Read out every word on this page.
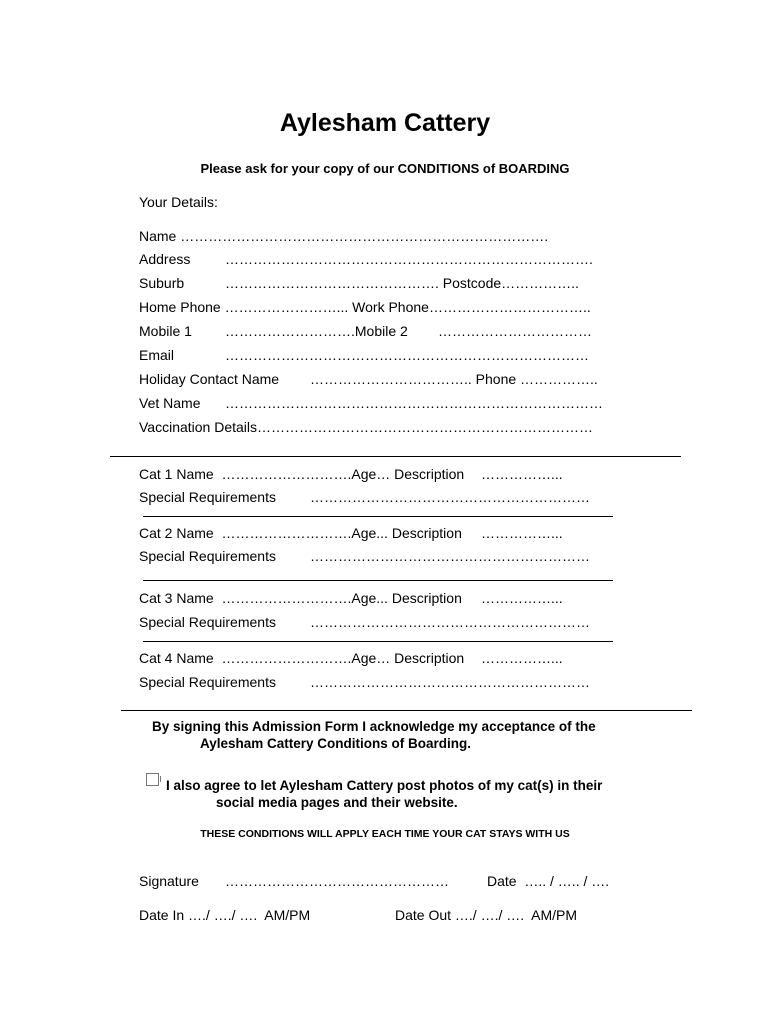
Aylesham Cattery
Please ask for your copy of our CONDITIONS of BOARDING
Your Details:
Name …………………………………………………………………….
Address …………………………………………………………………….
Suburb	………………………………………. Postcode……………..
Home Phone ……………………... Work Phone……………………………..
Mobile 1 ……………………….Mobile 2 ……………………………
Email	……………………………………………………………………
Holiday Contact Name …………………………….. Phone ……………..
Vet Name ………………………………………………………………………
Vaccination Details………………………………………………………………
Cat 1 Name  ……………………….Age… Description ……………...
Special Requirements ……………………………………………………
Cat 2 Name  ……………………….Age... Description ……………...
Special Requirements ……………………………………………………
Cat 3 Name  ……………………….Age... Description ……………...
Special Requirements ……………………………………………………
Cat 4 Name  ……………………….Age… Description ……………...
Special Requirements ……………………………………………………
By signing this Admission Form I acknowledge my acceptance of the
Aylesham Cattery Conditions of Boarding.
I also agree to let Aylesham Cattery post photos of my cat(s) in their
social media pages and their website.
THESE CONDITIONS WILL APPLY EACH TIME YOUR CAT STAYS WITH US
Signature …………………………………………	Date  ….. / ….. / ….
Date In …./ …./ ….  AM/PM	Date Out …./ …./ ….  AM/PM
